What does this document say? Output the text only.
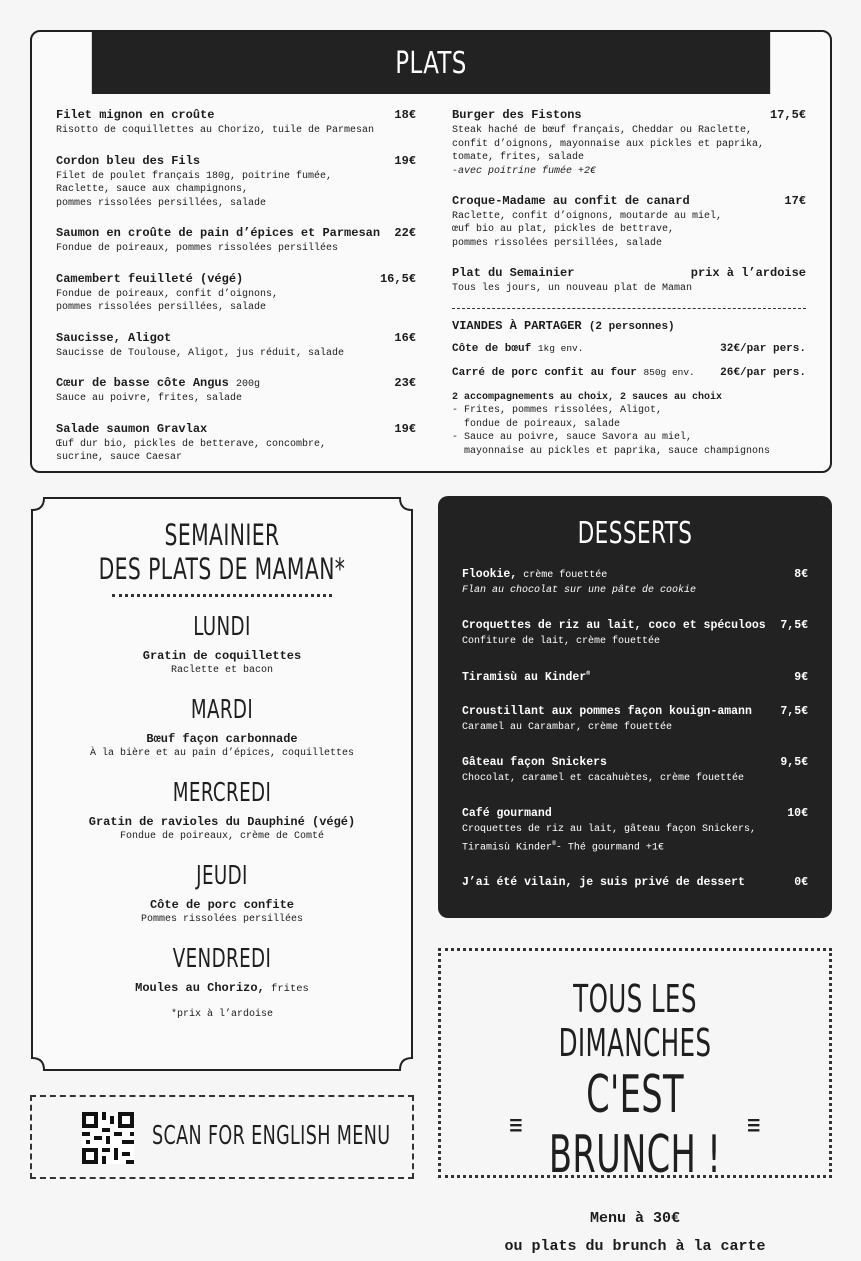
PLATS
Filet mignon en croûte	18€
Risotto de coquillettes au Chorizo, tuile de Parmesan
Cordon bleu des Fils	19€
Filet de poulet français 180g, poitrine fumée,
Raclette, sauce aux champignons,
pommes rissolées persillées, salade
Saumon en croûte de pain d’épices et Parmesan 22€
Fondue de poireaux, pommes rissolées persillées
Camembert feuilleté (végé)	16,5€
Fondue de poireaux, confit d’oignons,
pommes rissolées persillées, salade
Saucisse, Aligot	16€
Saucisse de Toulouse, Aligot, jus réduit, salade
Cœur de basse côte Angus 200g	23€
Sauce au poivre, frites, salade
Salade saumon Gravlax	19€
Œuf dur bio, pickles de betterave, concombre,
sucrine, sauce Caesar
Burger des Fistons	17,5€
Steak haché de bœuf français, Cheddar ou Raclette,
confit d’oignons, mayonnaise aux pickles et paprika,
tomate, frites, salade
-avec poitrine fumée +2€
Croque-Madame au confit de canard	17€
Raclette, confit d’oignons, moutarde au miel,
œuf bio au plat, pickles de bettrave,
pommes rissolées persillées, salade
Plat du Semainier	prix à l’ardoise
Tous les jours, un nouveau plat de Maman
VIANDES À PARTAGER (2 personnes)
Côte de bœuf 1kg env.	32€/par pers.
Carré de porc confit au four 850g env. 26€/par pers.
2 accompagnements au choix, 2 sauces au choix
- Frites, pommes rissolées, Aligot,
fondue de poireaux, salade
- Sauce au poivre, sauce Savora au miel,
mayonnaise au pickles et paprika, sauce champignons
SEMAINIER
DES PLATS DE MAMAN*
LUNDI
Gratin de coquillettes
Raclette et bacon
MARDI
Bœuf façon carbonnade
À la bière et au pain d’épices, coquillettes
MERCREDI
Gratin de ravioles du Dauphiné (végé)
Fondue de poireaux, crème de Comté
JEUDI
Côte de porc confite
Pommes rissolées persillées
VENDREDI
Moules au Chorizo, frites
*prix à l’ardoise
DESSERTS
Flookie, crème fouettée	8€
Flan au chocolat sur une pâte de cookie
Croquettes de riz au lait, coco et spéculoos 7,5€
Confiture de lait, crème fouettée
Tiramisù au Kinder®	9€
Croustillant aux pommes façon kouign-amann 7,5€
Caramel au Carambar, crème fouettée
Gâteau façon Snickers	9,5€
Chocolat, caramel et cacahuètes, crème fouettée
Café gourmand	10€
Croquettes de riz au lait, gâteau façon Snickers,
Tiramisù Kinder®- Thé gourmand +1€
J’ai été vilain, je suis privé de dessert	0€
TOUS LES DIMANCHES
≡	C'EST BRUNCH !
≡
Menu à 30€
ou plats du brunch à la carte
SCAN FOR ENGLISH MENU
